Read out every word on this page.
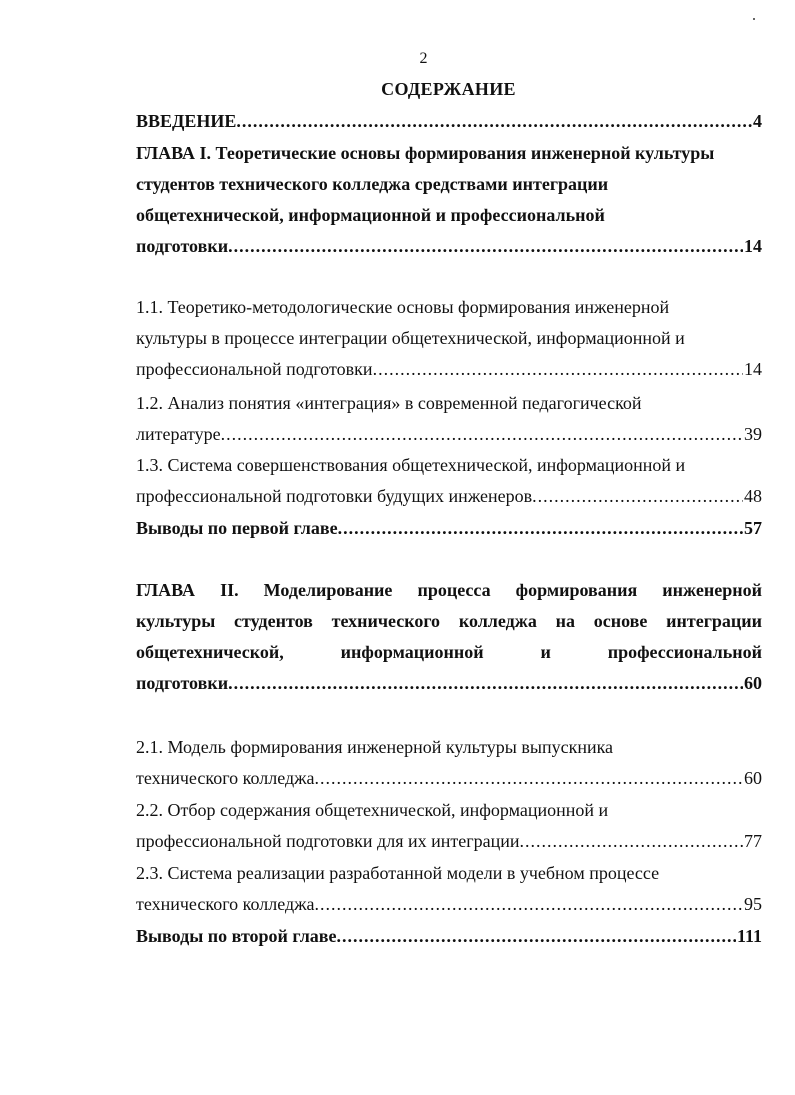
2
СОДЕРЖАНИЕ
ВВЕДЕНИЕ .....	4
ГЛАВА I. Теоретические основы формирования инженерной культуры
студентов технического колледжа средствами интеграции
общетехнической, информационной и профессиональной
подготовки .....	14
1.1. Теоретико-методологические основы формирования инженерной
культуры в процессе интеграции общетехнической, информационной и
профессиональной подготовки .....	14
1.2. Анализ понятия «интеграция» в современной педагогической
литературе .....	39
1.3. Система совершенствования общетехнической, информационной и
профессиональной подготовки будущих инженеров .....	48
Выводы по первой главе .....	57
ГЛАВА II. Моделирование процесса формирования инженерной
культуры студентов технического колледжа на основе интеграции
общетехнической,	информационной	и	профессиональной
подготовки .....	60
2.1. Модель формирования инженерной культуры выпускника
технического колледжа .....	60
2.2. Отбор содержания общетехнической, информационной и
профессиональной подготовки для их интеграции .....	77
2.3. Система реализации разработанной модели в учебном процессе
технического колледжа .....	95
Выводы по второй главе .....	111
